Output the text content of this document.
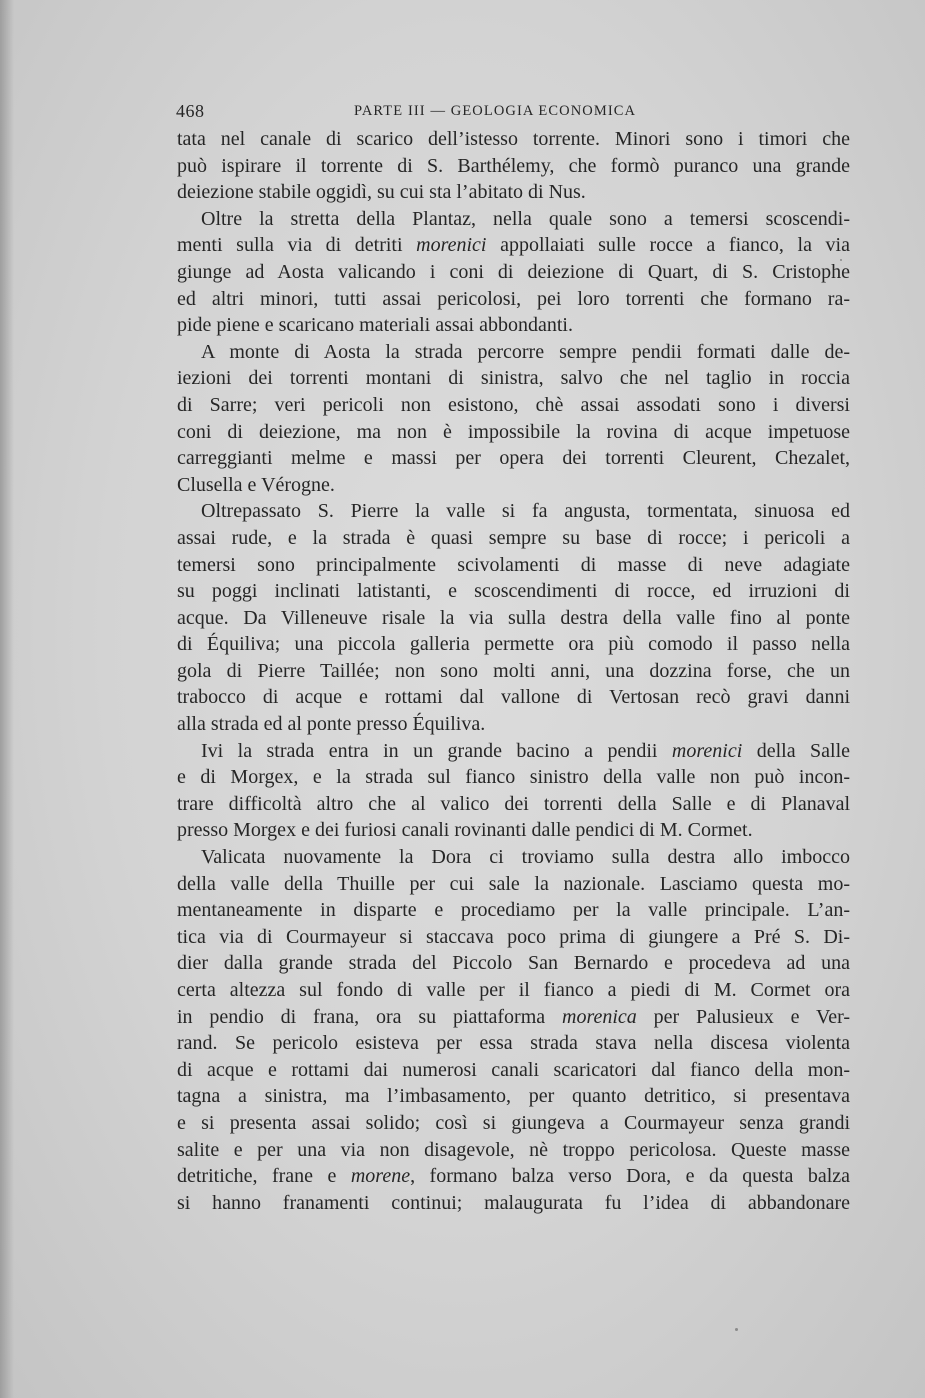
468	PARTE III — GEOLOGIA ECONOMICA
tata nel canale di scarico dell’istesso torrente. Minori sono i timori che
può ispirare il torrente di S. Barthélemy, che formò puranco una grande
deiezione stabile oggidì, su cui sta l’abitato di Nus.
Oltre la stretta della Plantaz, nella quale sono a temersi scoscendi-
menti sulla via di detriti morenici appollaiati sulle rocce a fianco, la via
giunge ad Aosta valicando i coni di deiezione di Quart, di S. Cristophe
ed altri minori, tutti assai pericolosi, pei loro torrenti che formano ra-
pide piene e scaricano materiali assai abbondanti.
A monte di Aosta la strada percorre sempre pendii formati dalle de-
iezioni dei torrenti montani di sinistra, salvo che nel taglio in roccia
di Sarre; veri pericoli non esistono, chè assai assodati sono i diversi
coni di deiezione, ma non è impossibile la rovina di acque impetuose
carreggianti melme e massi per opera dei torrenti Cleurent, Chezalet,
Clusella e Vérogne.
Oltrepassato S. Pierre la valle si fa angusta, tormentata, sinuosa ed
assai rude, e la strada è quasi sempre su base di rocce; i pericoli a
temersi sono principalmente scivolamenti di masse di neve adagiate
su poggi inclinati latistanti, e scoscendimenti di rocce, ed irruzioni di
acque. Da Villeneuve risale la via sulla destra della valle fino al ponte
di Équiliva; una piccola galleria permette ora più comodo il passo nella
gola di Pierre Taillée; non sono molti anni, una dozzina forse, che un
trabocco di acque e rottami dal vallone di Vertosan recò gravi danni
alla strada ed al ponte presso Équiliva.
Ivi la strada entra in un grande bacino a pendii morenici della Salle
e di Morgex, e la strada sul fianco sinistro della valle non può incon-
trare difficoltà altro che al valico dei torrenti della Salle e di Planaval
presso Morgex e dei furiosi canali rovinanti dalle pendici di M. Cormet.
Valicata nuovamente la Dora ci troviamo sulla destra allo imbocco
della valle della Thuille per cui sale la nazionale. Lasciamo questa mo-
mentaneamente in disparte e procediamo per la valle principale. L’an-
tica via di Courmayeur si staccava poco prima di giungere a Pré S. Di-
dier dalla grande strada del Piccolo San Bernardo e procedeva ad una
certa altezza sul fondo di valle per il fianco a piedi di M. Cormet ora
in pendio di frana, ora su piattaforma morenica per Palusieux e Ver-
rand. Se pericolo esisteva per essa strada stava nella discesa violenta
di acque e rottami dai numerosi canali scaricatori dal fianco della mon-
tagna a sinistra, ma l’imbasamento, per quanto detritico, si presentava
e si presenta assai solido; così si giungeva a Courmayeur senza grandi
salite e per una via non disagevole, nè troppo pericolosa. Queste masse
detritiche, frane e morene, formano balza verso Dora, e da questa balza
si hanno franamenti continui; malaugurata fu l’idea di abbandonare
